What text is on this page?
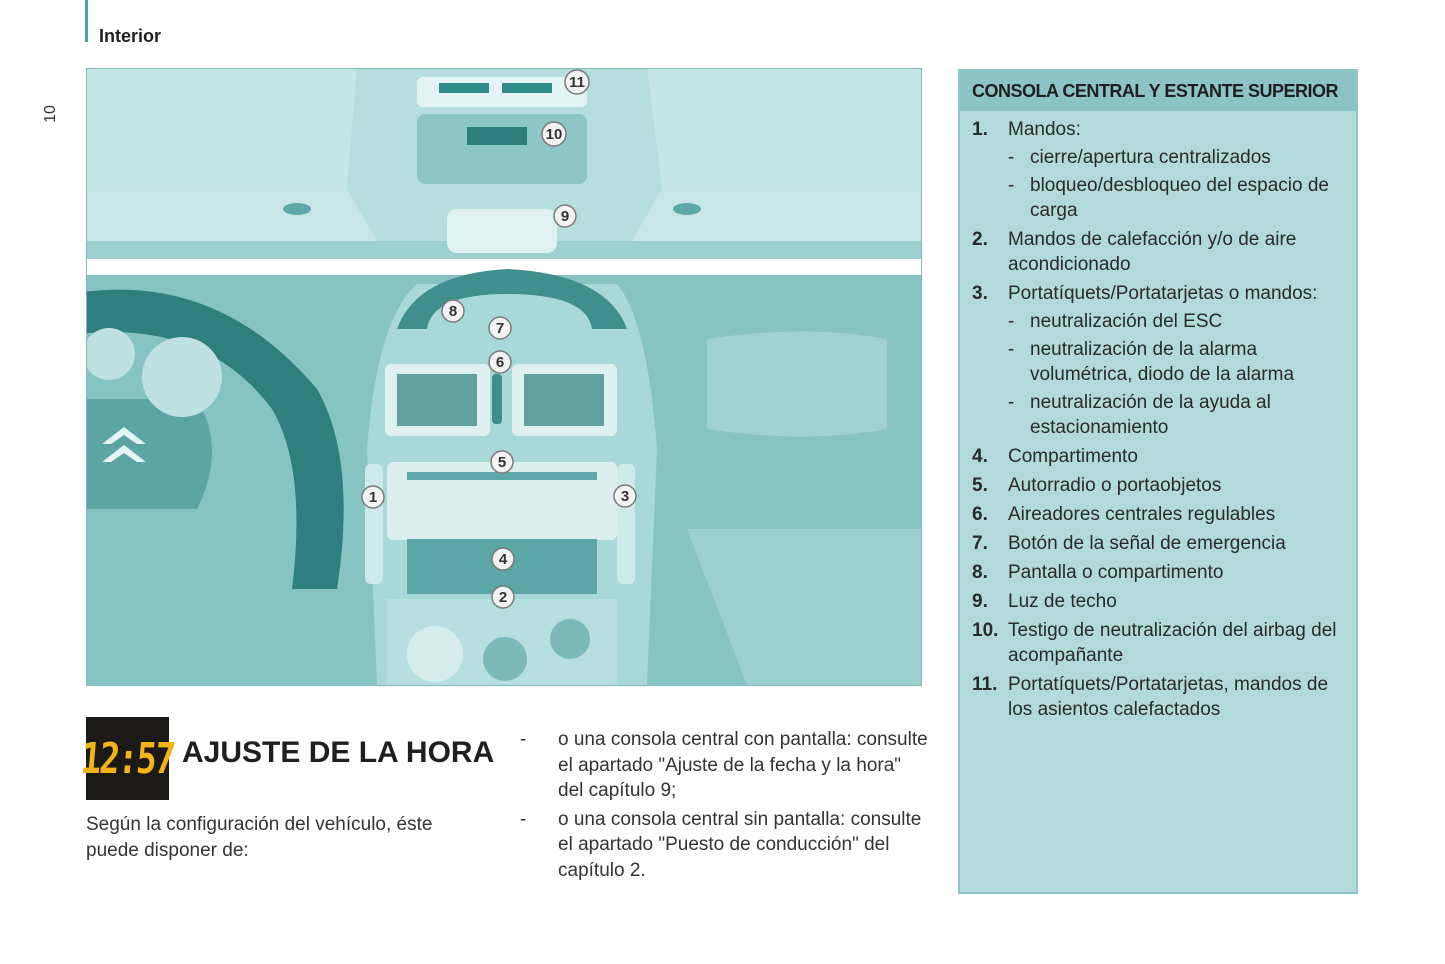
Interior
10
1
2
3
4
5
6
7
8
9
10
11
12:57 AJUSTE DE LA HORA
Según la configuración del vehículo, éste puede disponer de:
- o una consola central con pantalla: consulte el apartado "Ajuste de la fecha y la hora" del capítulo 9;
- o una consola central sin pantalla: consulte el apartado "Puesto de conducción" del capítulo 2.
CONSOLA CENTRAL Y ESTANTE SUPERIOR
1. Mandos:
- cierre/apertura centralizados
- bloqueo/desbloqueo del espacio de carga
2. Mandos de calefacción y/o de aire acondicionado
3. Portatíquets/Portatarjetas o mandos:
- neutralización del ESC
- neutralización de la alarma volumétrica, diodo de la alarma
- neutralización de la ayuda al estacionamiento
4. Compartimento
5. Autorradio o portaobjetos
6. Aireadores centrales regulables
7. Botón de la señal de emergencia
8. Pantalla o compartimento
9. Luz de techo
10. Testigo de neutralización del airbag del acompañante
11. Portatíquets/Portatarjetas, mandos de los asientos calefactados
